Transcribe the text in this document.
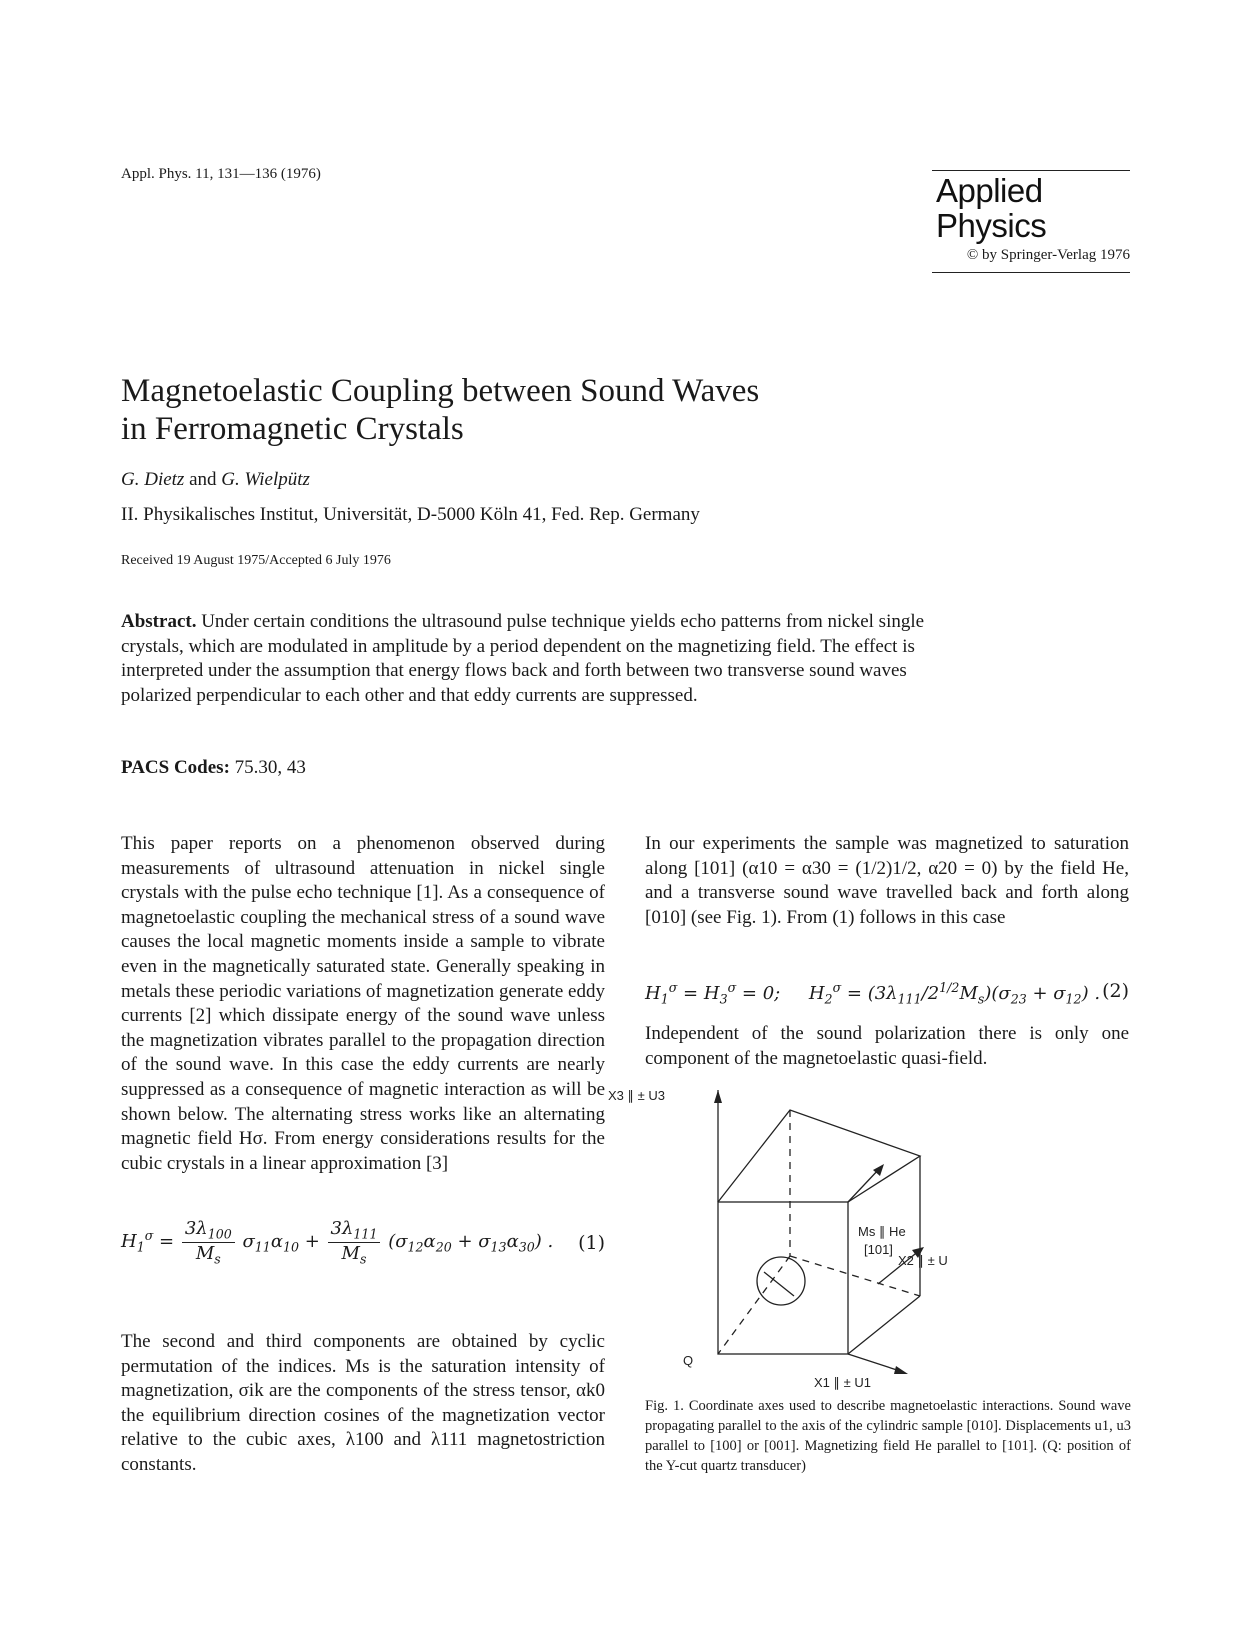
Appl. Phys. 11, 131—136 (1976)	Applied
Physics
© by Springer-Verlag 1976
Magnetoelastic Coupling between Sound Waves
in Ferromagnetic Crystals
G. Dietz and G. Wielpütz
II. Physikalisches Institut, Universität, D-5000 Köln 41, Fed. Rep. Germany
Received 19 August 1975/Accepted 6 July 1976
Abstract. Under certain conditions the ultrasound pulse technique yields echo patterns from nickel single crystals, which are modulated in amplitude by a period dependent on the magnetizing field. The effect is interpreted under the assumption that energy flows back and forth between two transverse sound waves polarized perpendicular to each other and that eddy currents are suppressed.
PACS Codes: 75.30, 43
This paper reports on a phenomenon observed during measurements of ultrasound attenuation in nickel single crystals with the pulse echo technique [1]. As a consequence of magnetoelastic coupling the mechanical stress of a sound wave causes the local magnetic moments inside a sample to vibrate even in the magnetically saturated state. Generally speaking in metals these periodic variations of magnetization generate eddy currents [2] which dissipate energy of the sound wave unless the magnetization vibrates parallel to the propagation direction of the sound wave. In this case the eddy currents are nearly suppressed as a consequence of magnetic interaction as will be shown below. The alternating stress works like an alternating magnetic field Hσ. From energy considerations results for the cubic crystals in a linear approximation [3]
$H_1^\sigma = \frac{3\lambda_{100}}{M_s} \sigma_{11}\alpha_{10} + \frac{3\lambda_{111}}{M_s} (\sigma_{12}\alpha_{20} + \sigma_{13}\alpha_{30})$ . (1)
The second and third components are obtained by cyclic permutation of the indices. Ms is the saturation intensity of magnetization, σik are the components of the stress tensor, αk0 the equilibrium direction cosines of the magnetization vector relative to the cubic axes, λ100 and λ111 magnetostriction constants.
In our experiments the sample was magnetized to saturation along [101] (α10 = α30 = (1/2)1/2, α20 = 0) by the field He, and a transverse sound wave travelled back and forth along [010] (see Fig. 1). From (1) follows in this case
$H_1^\sigma = H_3^\sigma = 0$;     $H_2^\sigma = (3\lambda_{111}/2^{1/2}M_s)(\sigma_{23} + \sigma_{12})$ . (2)
Independent of the sound polarization there is only one component of the magnetoelastic quasi-field.
X3 ∥ ± U3
Ms ∥ He
[101]
X2 ∥ ± U
Q
X1 ∥ ± U1
Fig. 1. Coordinate axes used to describe magnetoelastic interactions. Sound wave propagating parallel to the axis of the cylindric sample [010]. Displacements u1, u3 parallel to [100] or [001]. Magnetizing field He parallel to [101]. (Q: position of the Y-cut quartz transducer)
